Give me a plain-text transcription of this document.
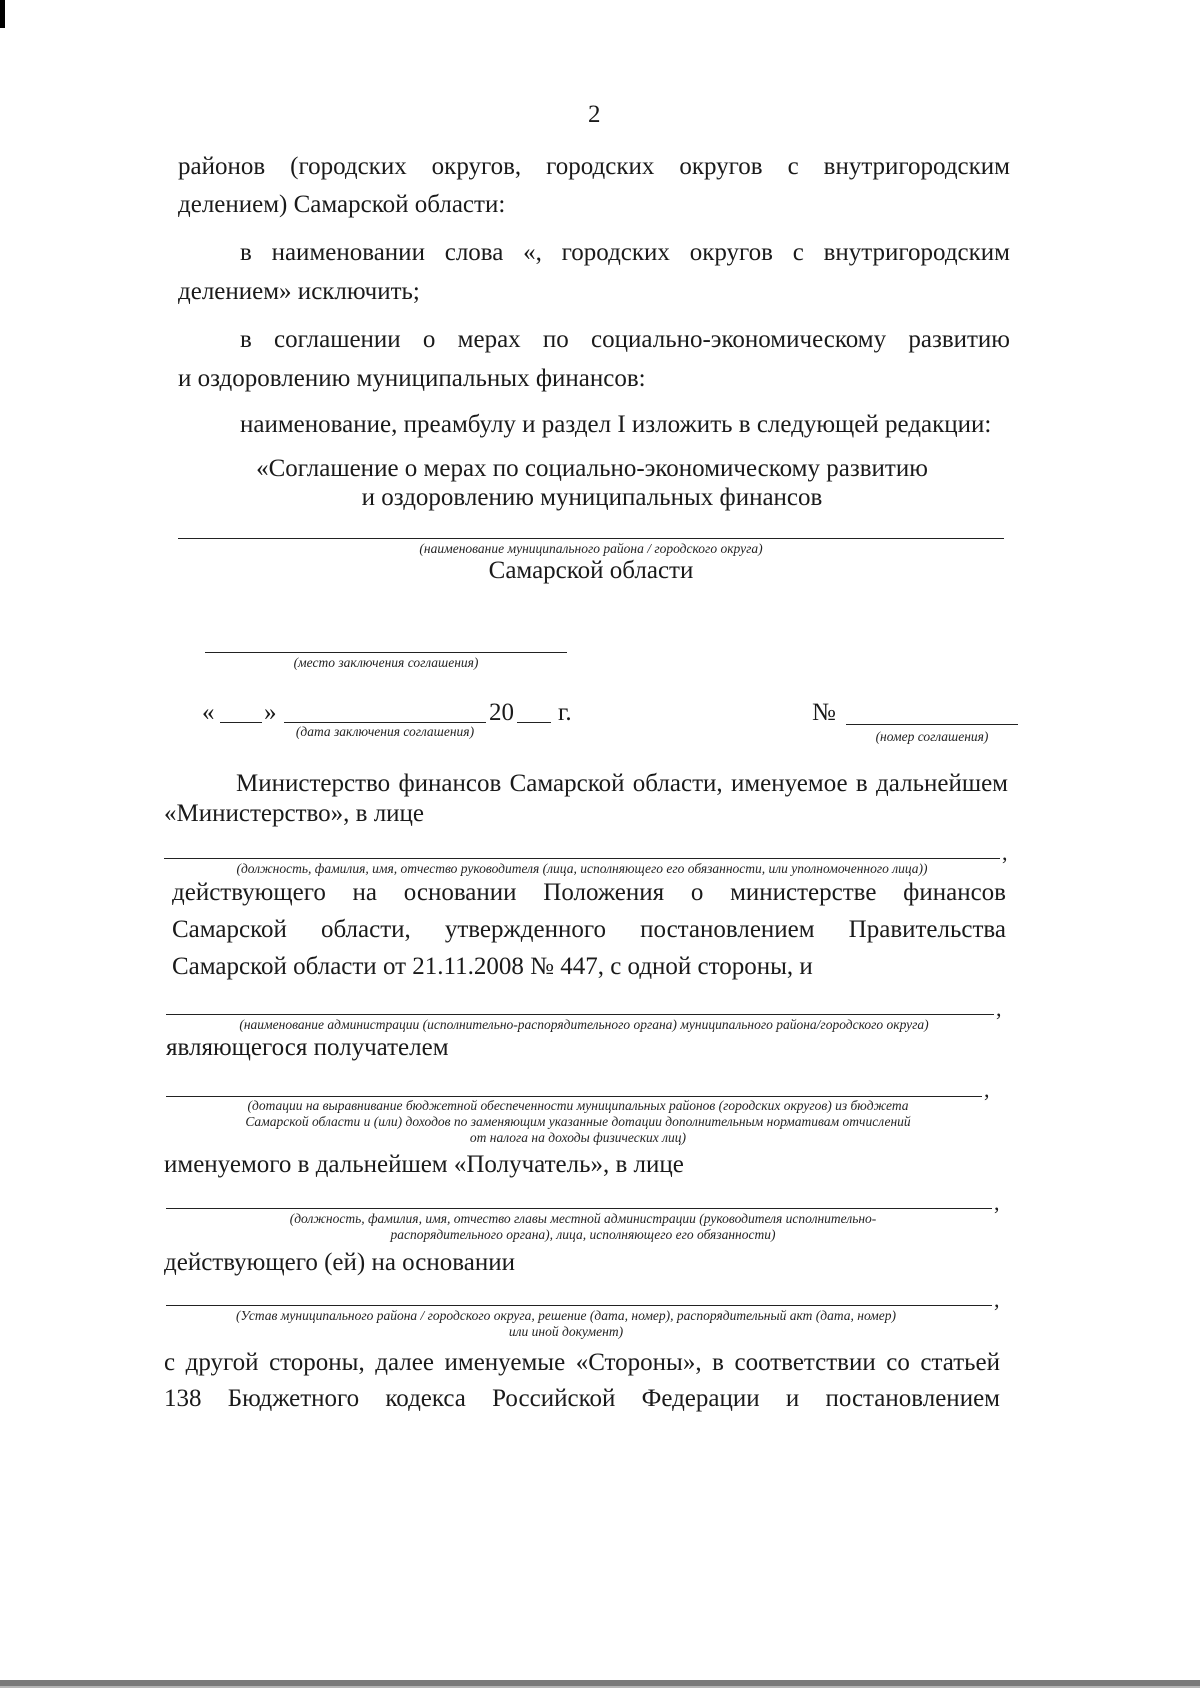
2
районов (городских округов, городских округов с внутригородским
делением) Самарской области:
в наименовании слова «, городских округов с внутригородским
делением» исключить;
в соглашении о мерах по социально-экономическому развитию
и оздоровлению муниципальных финансов:
наименование, преамбулу и раздел I изложить в следующей редакции:
«Соглашение о мерах по социально-экономическому развитию
и оздоровлению муниципальных финансов
(наименование муниципального района / городского округа)
Самарской области
(место заключения соглашения)
« »	20 г.
(дата заключения соглашения)
№
(номер соглашения)
Министерство финансов Самарской области, именуемое в дальнейшем
«Министерство», в лице
,
(должность, фамилия, имя, отчество руководителя (лица, исполняющего его обязанности, или уполномоченного лица))
действующего на основании Положения о министерстве финансов
Самарской области, утвержденного постановлением Правительства
Самарской области от 21.11.2008 № 447, с одной стороны, и
,
(наименование администрации (исполнительно-распорядительного органа) муниципального района/городского округа)
являющегося получателем
,
(дотации на выравнивание бюджетной обеспеченности муниципальных районов (городских округов) из бюджета
Самарской области и (или) доходов по заменяющим указанные дотации дополнительным нормативам отчислений
от налога на доходы физических лиц)
именуемого в дальнейшем «Получатель», в лице
,
(должность, фамилия, имя, отчество главы местной администрации (руководителя исполнительно-
распорядительного органа), лица, исполняющего его обязанности)
действующего (ей) на основании
,
(Устав муниципального района / городского округа, решение (дата, номер), распорядительный акт (дата, номер)
или иной документ)
с другой стороны, далее именуемые «Стороны», в соответствии со статьей
138 Бюджетного кодекса Российской Федерации и постановлением
